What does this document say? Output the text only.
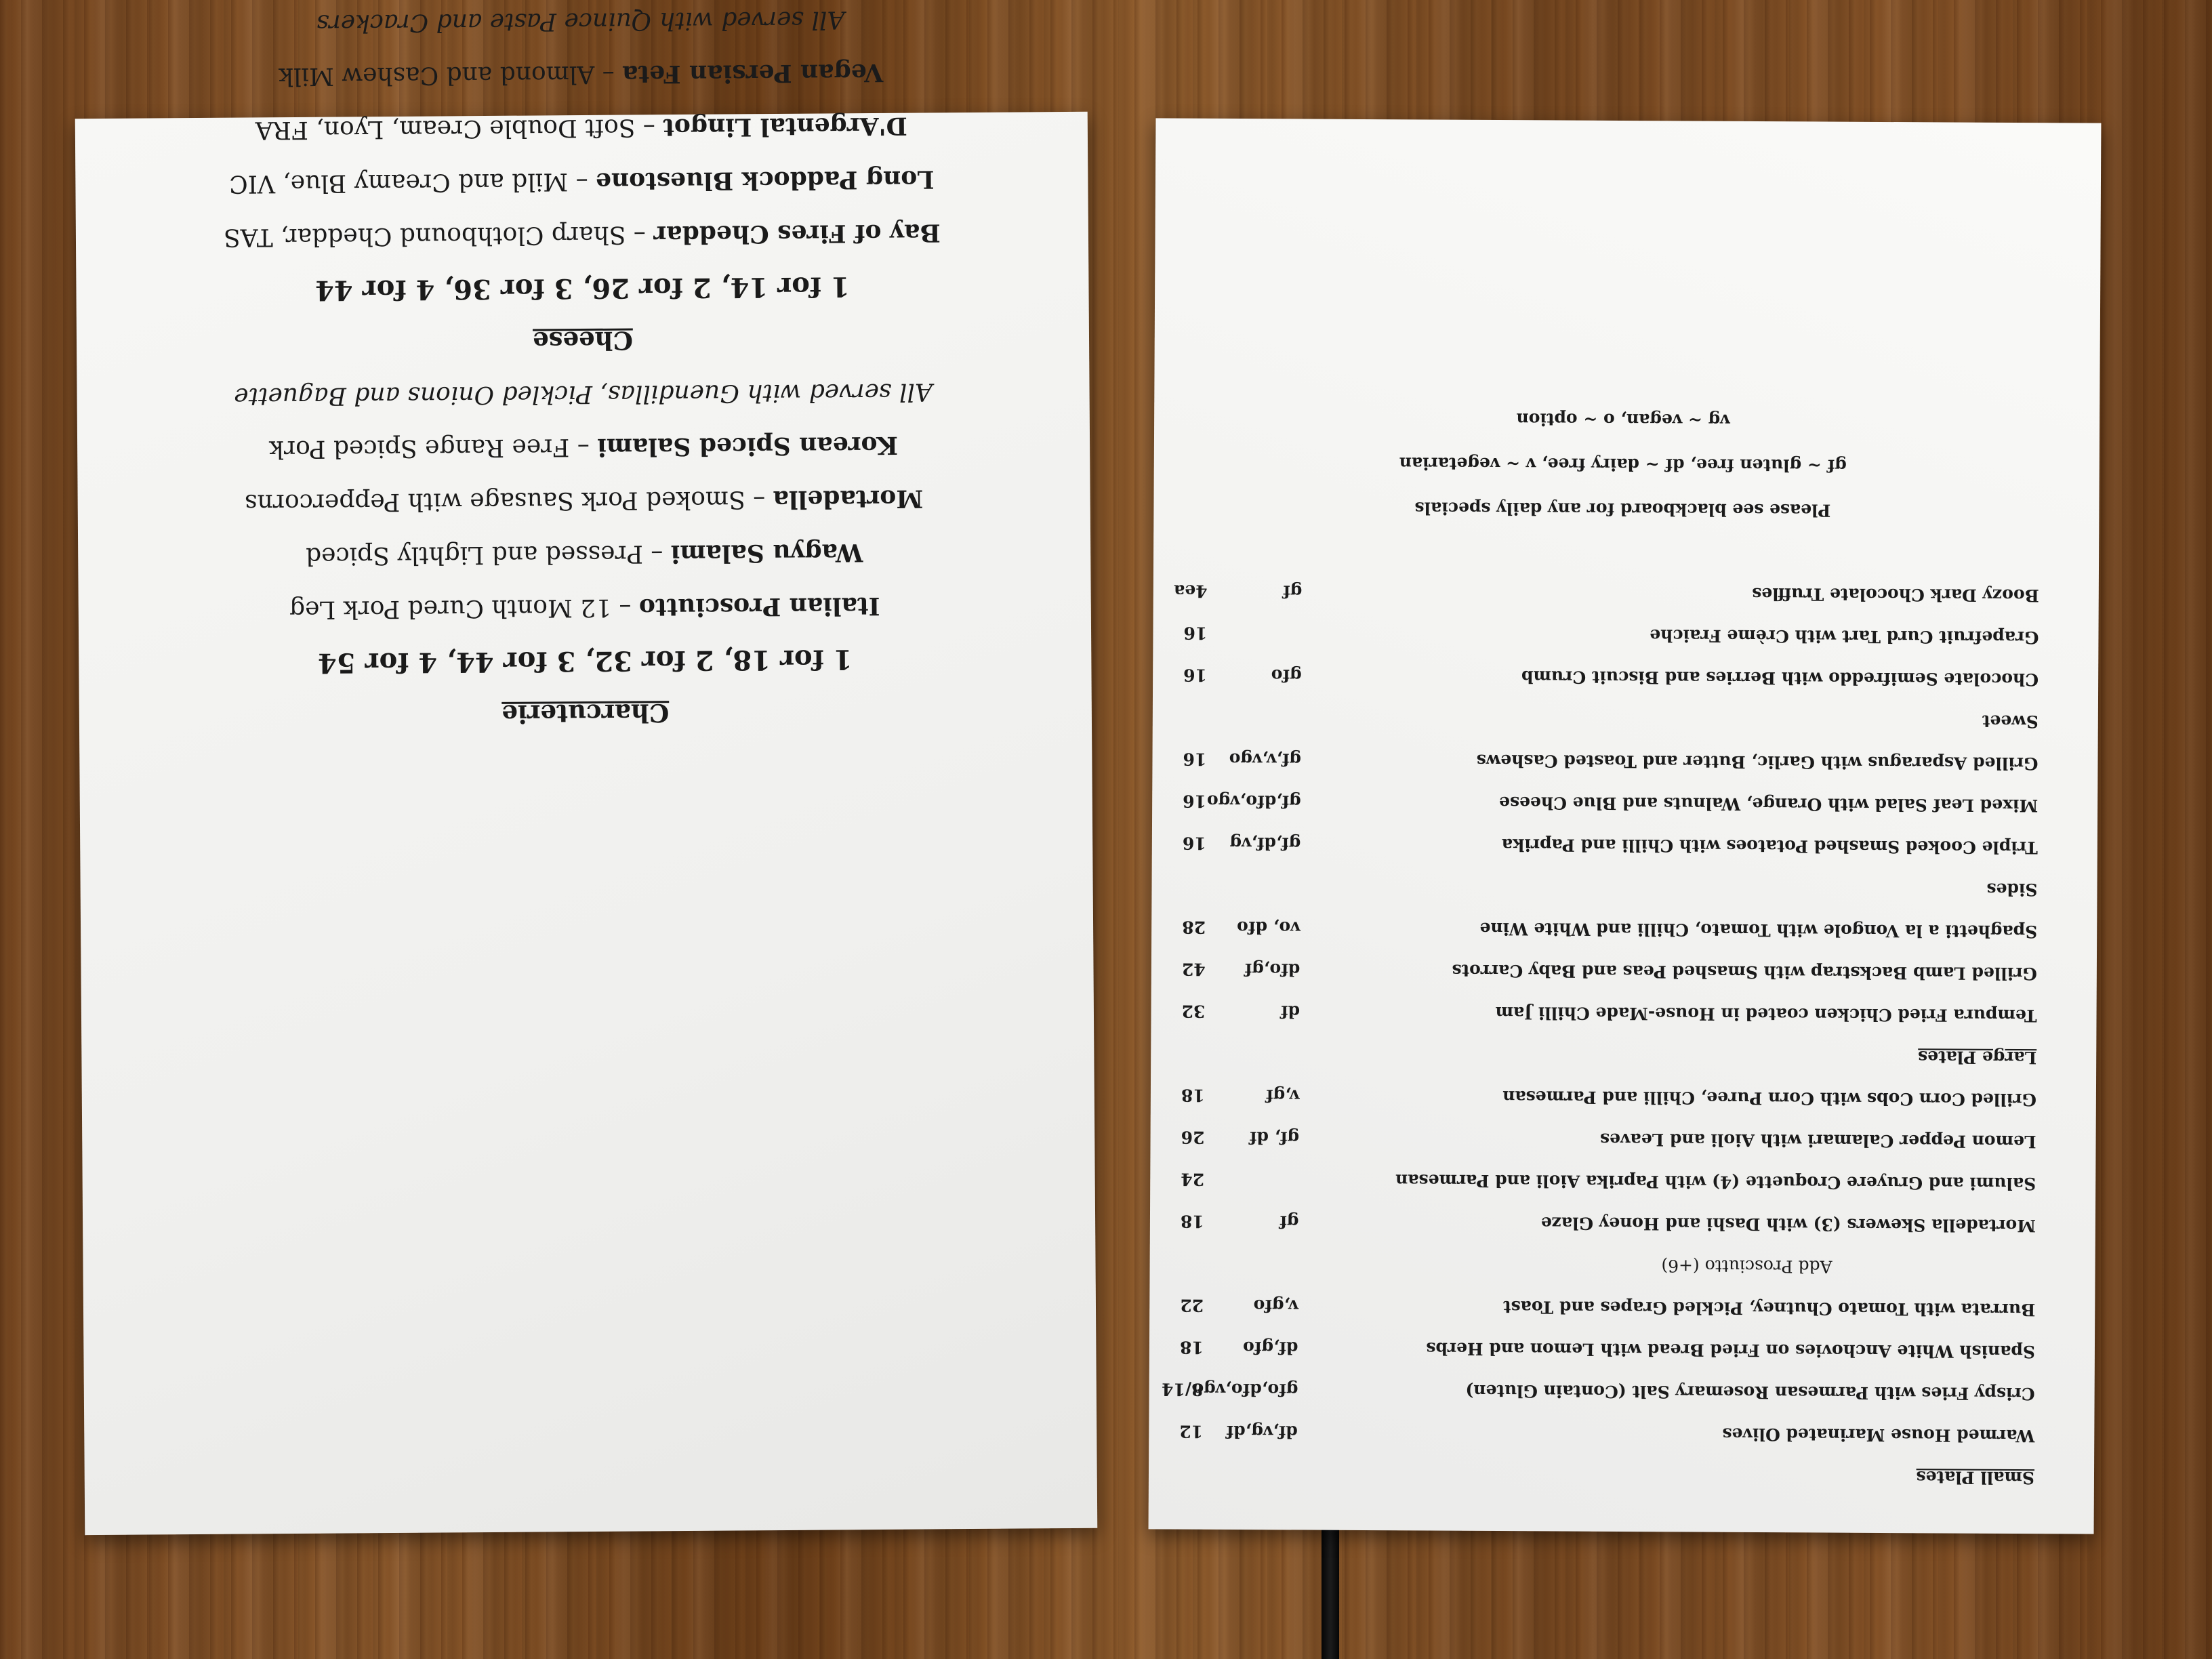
Charcuterie
1 for 18, 2 for 32, 3 for 44, 4 for 54
Italian Prosciutto – 12 Month Cured Pork Leg
Wagyu Salami – Pressed and Lightly Spiced
Mortadella – Smoked Pork Sausage with Peppercorns
Korean Spiced Salami – Free Range Spiced Pork
All served with Guendillas, Pickled Onions and Baguette
Cheese
1 for 14, 2 for 26, 3 for 36, 4 for 44
Bay of Fires Cheddar – Sharp Clothbound Cheddar, TAS
Long Paddock Bluestone – Mild and Creamy Blue, VIC
D'Argental Lingot – Soft Double Cream, Lyon, FRA
Vegan Persian Feta – Almond and Cashew Milk
All served with Quince Paste and Crackers
Small Plates
Warmed House Marinated Olives
df,vg,df
12
Crispy Fries with Parmesan Rosemary Salt (Contain Gluten)
gfo,dfo,vgo
8/14
Spanish White Anchovies on Fried Bread with Lemon and Herbs
df,gfo
18
Burrata with Tomato Chutney, Pickled Grapes and Toast
v,gfo
22
Add Prosciutto (+6)
Mortadella Skewers (3) with Dashi and Honey Glaze
gf
18
Salumi and Gruyere Croquette (4) with Paprika Aioli and Parmesan
24
Lemon Pepper Calamari with Aioli and Leaves
gf, df
26
Grilled Corn Cobs with Corn Puree, Chilli and Parmesan
v,gf
18
Large Plates
Tempura Fried Chicken coated in House-Made Chilli Jam
df
32
Grilled Lamb Backstrap with Smashed Peas and Baby Carrots
dfo,gf
42
Spaghetti a la Vongole with Tomato, Chilli and White Wine
vo, dfo
28
Sides
Triple Cooked Smashed Potatoes with Chilli and Paprika
gf,df,vg
16
Mixed Leaf Salad with Orange, Walnuts and Blue Cheese
gf,dfo,vgo
16
Grilled Asparagus with Garlic, Butter and Toasted Cashews
gf,v,vgo
16
Sweet
Chocolate Semifreddo with Berries and Biscuit Crumb
gfo
16
Grapefruit Curd Tart with Crème Fraiche
16
Boozy Dark Chocolate Truffles
gf
4ea
Please see blackboard for any daily specials
gf ~ gluten free, df ~ dairy free, v ~ vegetarian
vg ~ vegan, o ~ option
